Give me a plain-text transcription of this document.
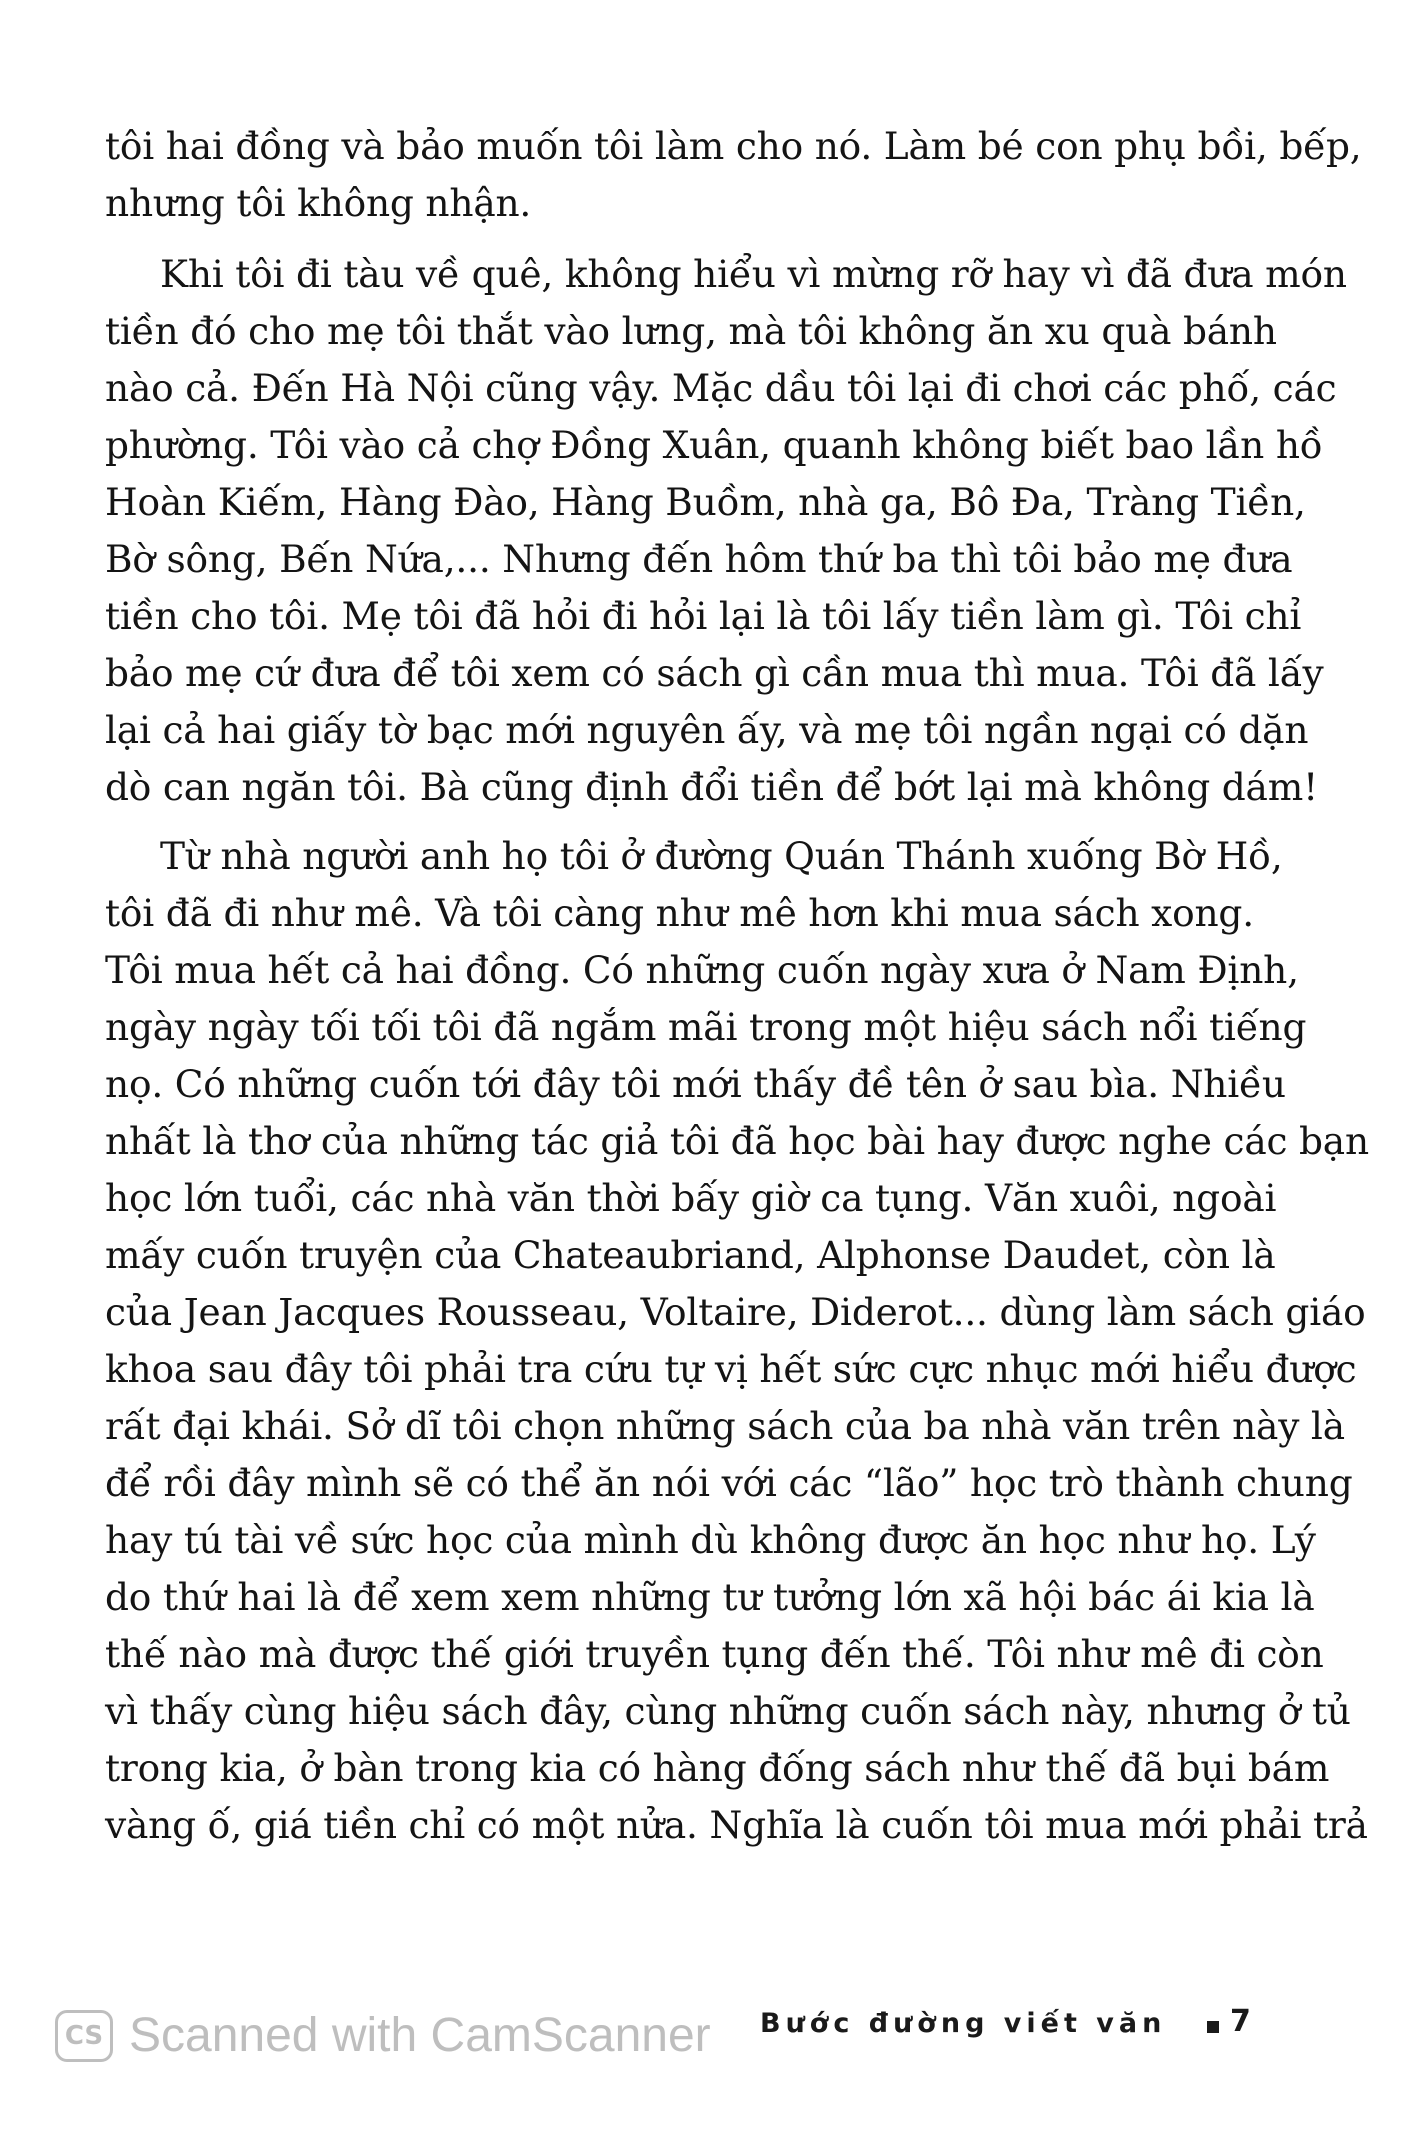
tôi hai đồng và bảo muốn tôi làm cho nó. Làm bé con phụ bồi, bếp,
nhưng tôi không nhận.
Khi tôi đi tàu về quê, không hiểu vì mừng rỡ hay vì đã đưa món
tiền đó cho mẹ tôi thắt vào lưng, mà tôi không ăn xu quà bánh
nào cả. Đến Hà Nội cũng vậy. Mặc dầu tôi lại đi chơi các phố, các
phường. Tôi vào cả chợ Đồng Xuân, quanh không biết bao lần hồ
Hoàn Kiếm, Hàng Đào, Hàng Buồm, nhà ga, Bô Đa, Tràng Tiền,
Bờ sông, Bến Nứa,... Nhưng đến hôm thứ ba thì tôi bảo mẹ đưa
tiền cho tôi. Mẹ tôi đã hỏi đi hỏi lại là tôi lấy tiền làm gì. Tôi chỉ
bảo mẹ cứ đưa để tôi xem có sách gì cần mua thì mua. Tôi đã lấy
lại cả hai giấy tờ bạc mới nguyên ấy, và mẹ tôi ngần ngại có dặn
dò can ngăn tôi. Bà cũng định đổi tiền để bớt lại mà không dám!
Từ nhà người anh họ tôi ở đường Quán Thánh xuống Bờ Hồ,
tôi đã đi như mê. Và tôi càng như mê hơn khi mua sách xong.
Tôi mua hết cả hai đồng. Có những cuốn ngày xưa ở Nam Định,
ngày ngày tối tối tôi đã ngắm mãi trong một hiệu sách nổi tiếng
nọ. Có những cuốn tới đây tôi mới thấy đề tên ở sau bìa. Nhiều
nhất là thơ của những tác giả tôi đã học bài hay được nghe các bạn
học lớn tuổi, các nhà văn thời bấy giờ ca tụng. Văn xuôi, ngoài
mấy cuốn truyện của Chateaubriand, Alphonse Daudet, còn là
của Jean Jacques Rousseau, Voltaire, Diderot... dùng làm sách giáo
khoa sau đây tôi phải tra cứu tự vị hết sức cực nhục mới hiểu được
rất đại khái. Sở dĩ tôi chọn những sách của ba nhà văn trên này là
để rồi đây mình sẽ có thể ăn nói với các “lão” học trò thành chung
hay tú tài về sức học của mình dù không được ăn học như họ. Lý
do thứ hai là để xem xem những tư tưởng lớn xã hội bác ái kia là
thế nào mà được thế giới truyền tụng đến thế. Tôi như mê đi còn
vì thấy cùng hiệu sách đây, cùng những cuốn sách này, nhưng ở tủ
trong kia, ở bàn trong kia có hàng đống sách như thế đã bụi bám
vàng ố, giá tiền chỉ có một nửa. Nghĩa là cuốn tôi mua mới phải trả
CS Scanned with CamScanner Bước đường viết văn 7
